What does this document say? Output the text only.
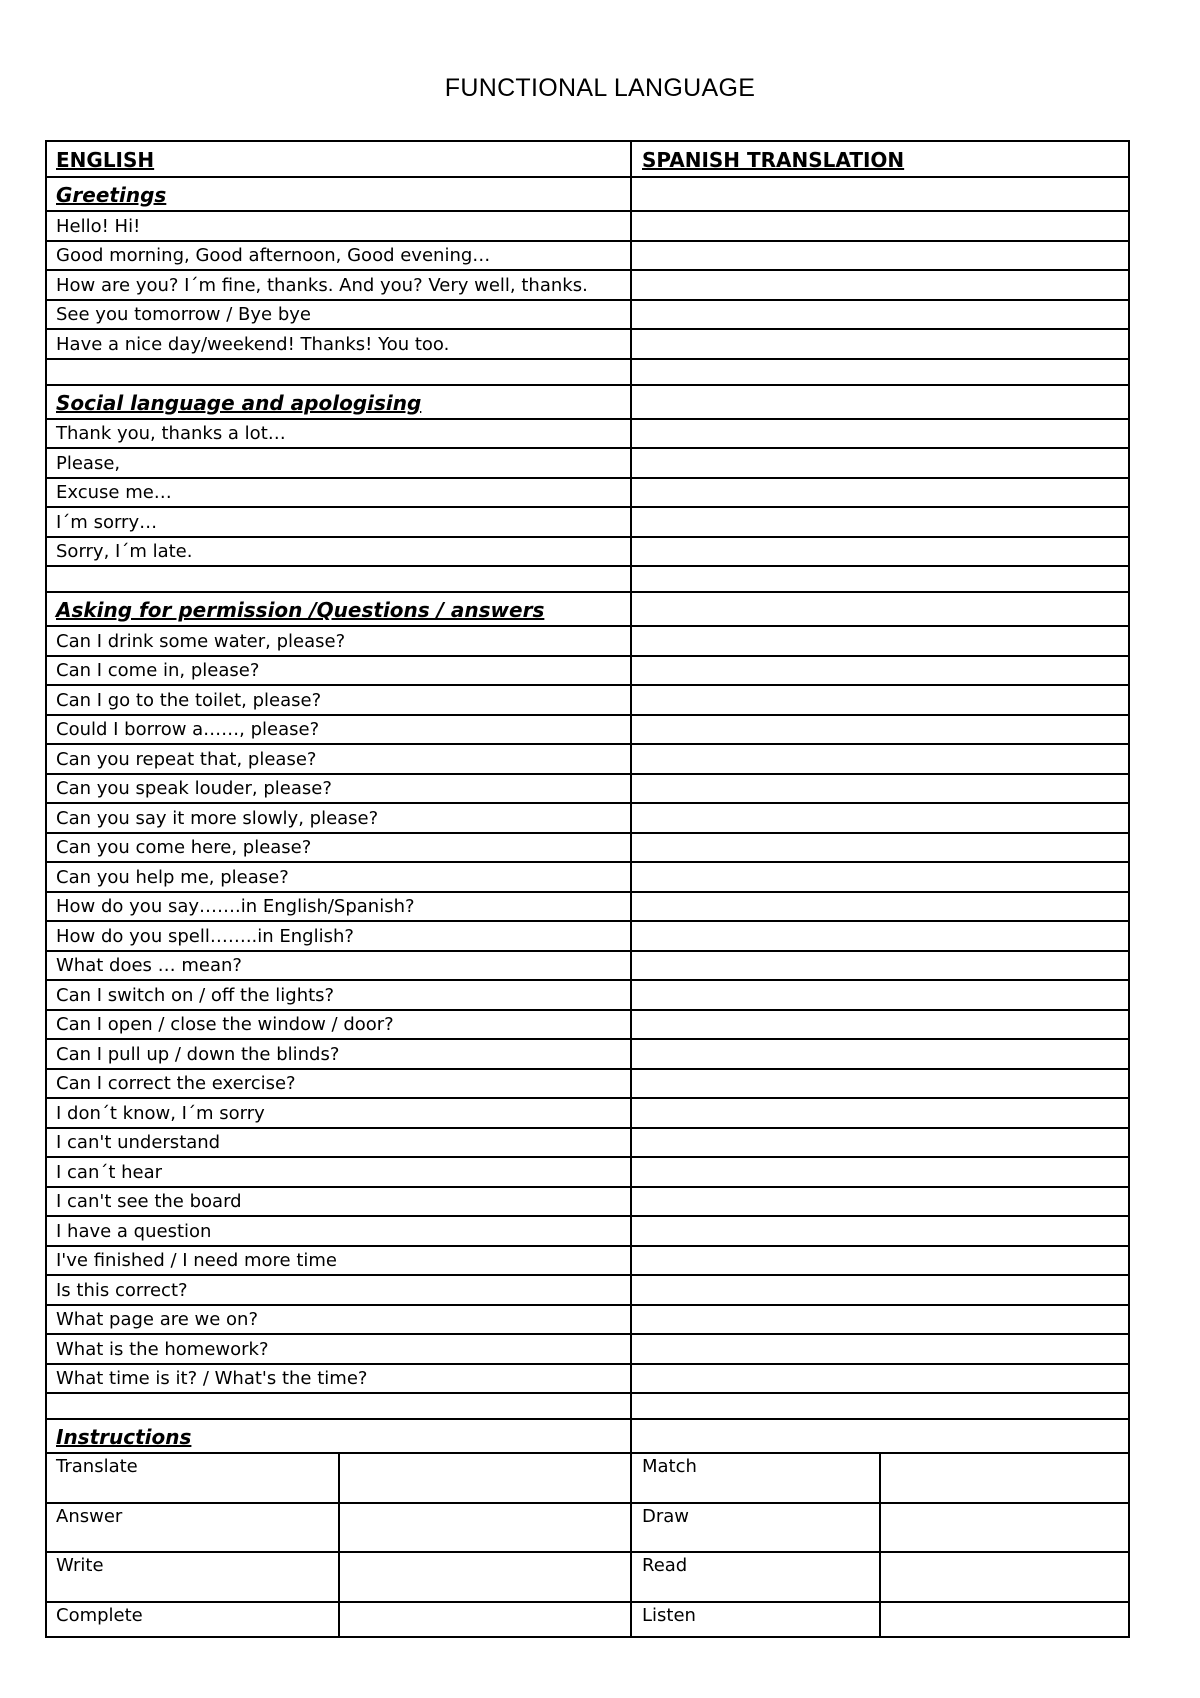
FUNCTIONAL LANGUAGE
ENGLISH	SPANISH TRANSLATION
Greetings
Hello! Hi!
Good morning, Good afternoon, Good evening…
How are you? I´m fine, thanks. And you? Very well, thanks.
See you tomorrow / Bye bye
Have a nice day/weekend! Thanks! You too.
Social language and apologising
Thank you, thanks a lot…
Please,
Excuse me…
I´m sorry…
Sorry, I´m late.
Asking for permission /Questions / answers
Can I drink some water, please?
Can I come in, please?
Can I go to the toilet, please?
Could I borrow a……, please?
Can you repeat that, please?
Can you speak louder, please?
Can you say it more slowly, please?
Can you come here, please?
Can you help me, please?
How do you say…….in English/Spanish?
How do you spell……..in English?
What does … mean?
Can I switch on / off the lights?
Can I open / close the window / door?
Can I pull up / down the blinds?
Can I correct the exercise?
I don´t know, I´m sorry
I can't understand
I can´t hear
I can't see the board
I have a question
I've finished / I need more time
Is this correct?
What page are we on?
What is the homework?
What time is it? / What's the time?
Instructions
Translate	Match
Answer	Draw
Write	Read
Complete	Listen
